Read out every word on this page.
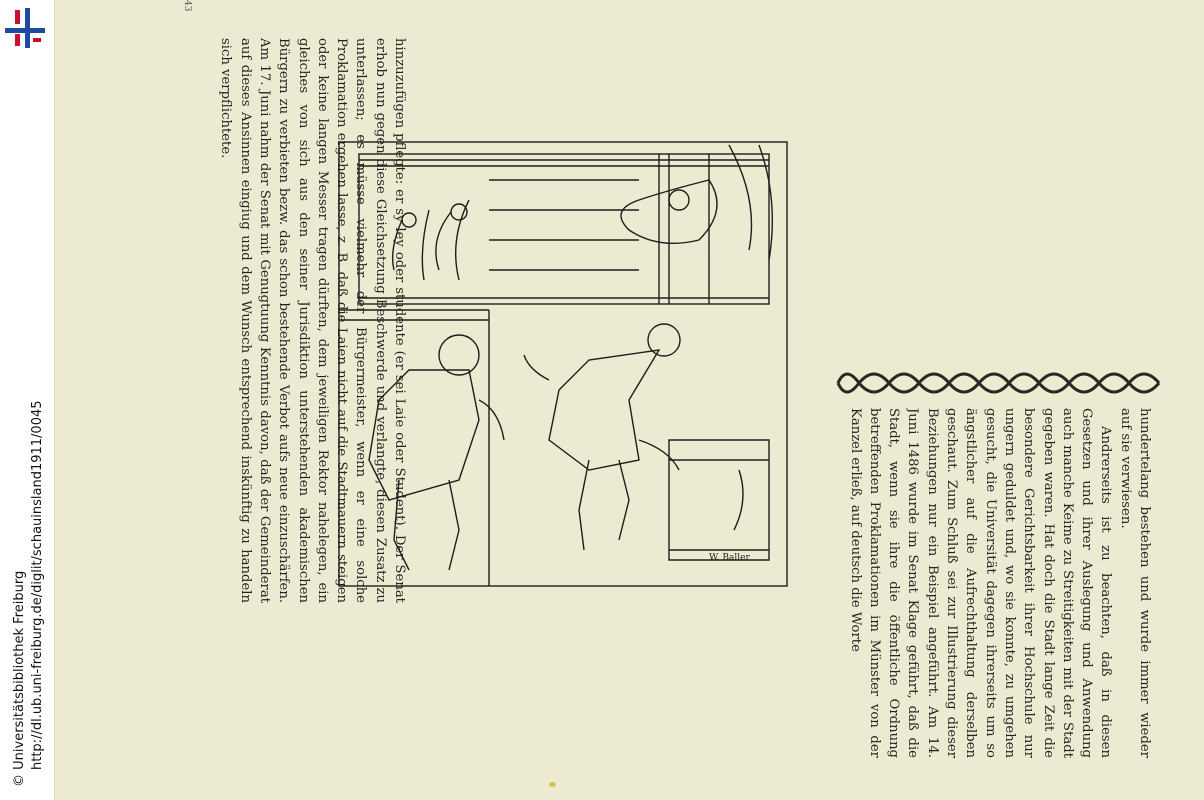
http://dl.ub.uni-freiburg.de/diglit/schauinsland1911/0045
© Universitätsbibliothek Freiburg	hundertelang bestehen und wurde immer wieder auf sie verwiesen.

Andrerseits ist zu beachten, daß in diesen Gesetzen und ihrer Auslegung und Anwendung auch manche Keime zu Streitigkeiten mit der Stadt gegeben waren. Hat doch die Stadt lange Zeit die besondere Gerichtsbarkeit ihrer Hochschule nur ungern geduldet und, wo sie konnte, zu umgehen gesucht, die Universität dagegen ihrerseits um so ängstlicher auf die Aufrechthaltung derselben geschaut. Zum Schluß sei zur Illustrierung dieser Beziehungen nur ein Beispiel angeführt. Am 14. Juni 1486 wurde im Senat Klage geführt, daß die Stadt, wenn sie ihre die öffentliche Ordnung betreffenden Proklamationen im Münster von der Kanzel erließ, auf deutsch die Worte

W. Baller

hinzuzufügen pflegte: er sy ley oder studente (er sei Laie oder Student). Der Senat erhob nun gegen diese Gleichsetzung Beschwerde und verlangte, diesen Zusatz zu unterlassen; es müsse vielmehr der Bürgermeister, wenn er eine solche Proklamation ergehen lasse, z. B. daß die Laien nicht auf die Stadtmauern steigen oder keine langen Messer tragen dürften, dem jeweiligen Rektor nahelegen, ein gleiches von sich aus den seiner Jurisdiktion unterstehenden akademischen Bürgern zu verbieten bezw. das schon bestehende Verbot aufs neue einzuschärfen. Am 17. Juni nahm der Senat mit Genugtuung Kenntnis davon, daß der Gemeinderat auf dieses Ansinnen eingiug und dem Wunsch entsprechend inskünftig zu handeln sich verpflichtete.

43
